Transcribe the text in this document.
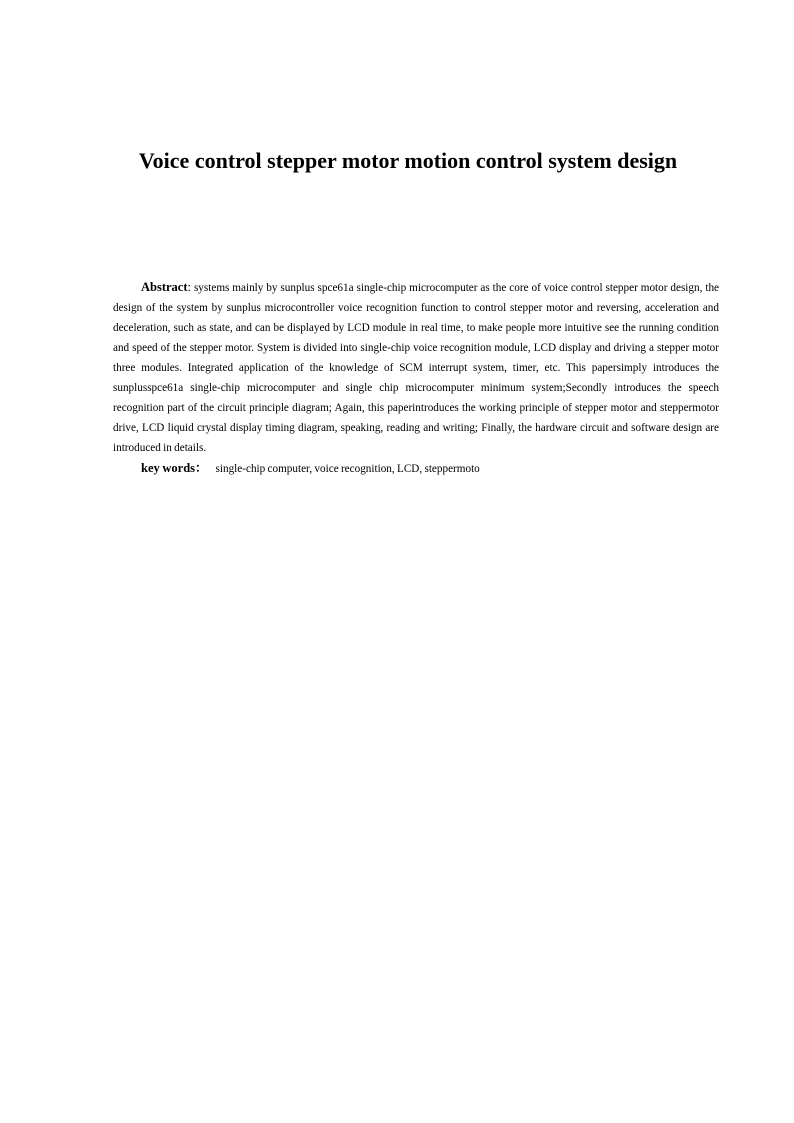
Voice control stepper motor motion control system design

Abstract: systems mainly by sunplus spce61a single-chip microcomputer as the core of voice control stepper motor design, the design of the system by sunplus microcontroller voice recognition function to control stepper motor and reversing, acceleration and deceleration, such as state, and can be displayed by LCD module in real time, to make people more intuitive see the running condition and speed of the stepper motor. System is divided into single-chip voice recognition module, LCD display and driving a stepper motor three modules. Integrated application of the knowledge of SCM interrupt system, timer, etc. This papersimply introduces the sunplusspce61a single-chip microcomputer and single chip microcomputer minimum system;Secondly introduces the speech recognition part of the circuit principle diagram; Again, this paperintroduces the working principle of stepper motor and steppermotor drive, LCD liquid crystal display timing diagram, speaking, reading and writing; Finally, the hardware circuit and software design are introduced in details.

key words： single-chip computer, voice recognition, LCD, steppermoto
